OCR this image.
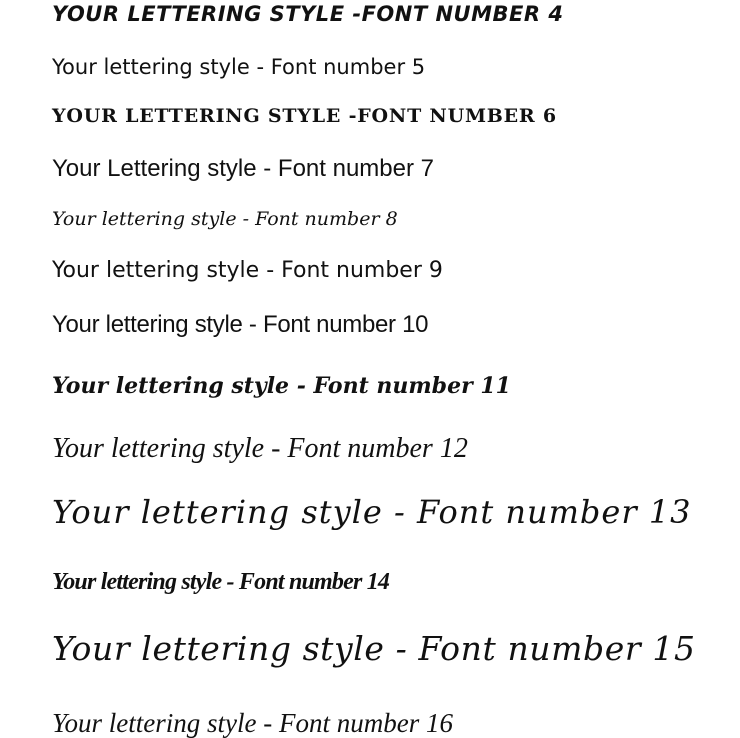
YOUR LETTERING STYLE -FONT NUMBER 4
Your lettering style - Font number 5
YOUR LETTERING STYLE -FONT NUMBER 6
Your Lettering style - Font number 7
Your lettering style - Font number 8
Your lettering style - Font number 9
Your lettering style - Font number 10
Your lettering style - Font number 11
Your lettering style - Font number 12
Your lettering style - Font number 13
Your lettering style - Font number 14
Your lettering style - Font number 15
Your lettering style - Font number 16
